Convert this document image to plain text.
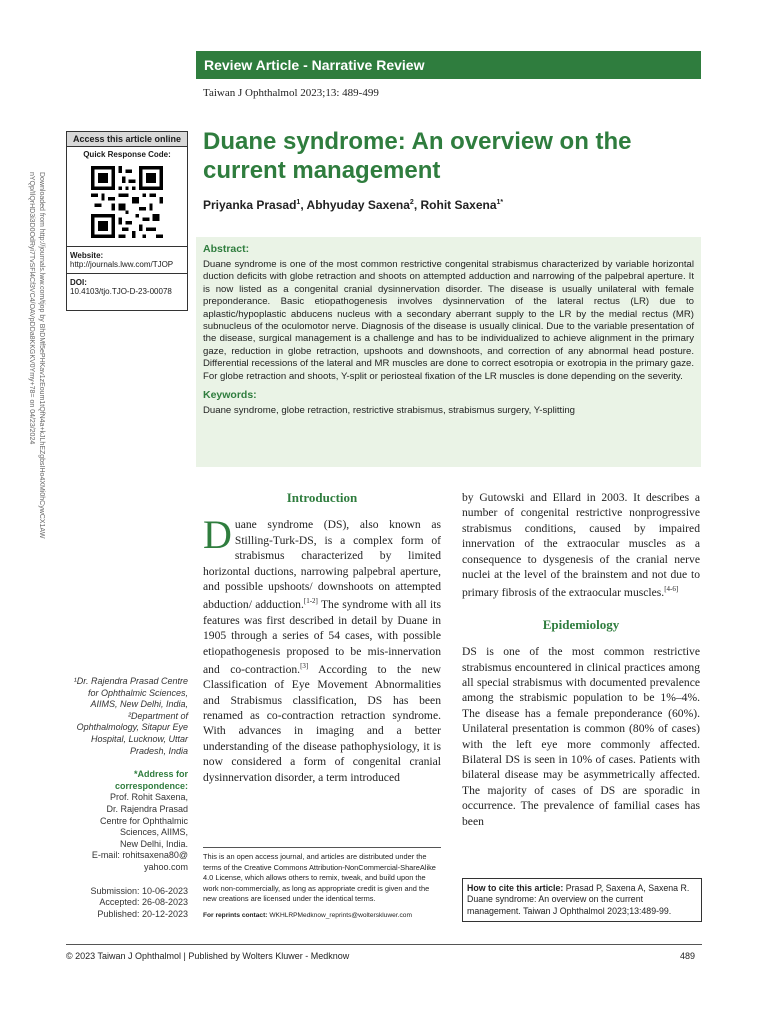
Downloaded from http://journals.lww.com/tjop by BhDMf5ePHKav1zEoum1tQfN4a+kJLhEZgbsIHo4XMi0hCywCX1AW nYQp/IlQrHD3i3D0OdRyi7TvSFl4Cf3VC4/OAVpDDa8KKGKV0Ymy+78= on 04/23/2024
Review Article - Narrative Review
Taiwan J Ophthalmol 2023;13: 489-499
Access this article online
Quick Response Code:
Website:
http://journals.lww.com/TJOP
DOI:
10.4103/tjo.TJO-D-23-00078
Duane syndrome: An overview on the current management
Priyanka Prasad$^1$, Abhyuday Saxena$^2$, Rohit Saxena$^{1*}$
Abstract:
Duane syndrome is one of the most common restrictive congenital strabismus characterized by variable horizontal duction deficits with globe retraction and shoots on attempted adduction and narrowing of the palpebral aperture. It is now listed as a congenital cranial dysinnervation disorder. The disease is usually unilateral with female preponderance. Basic etiopathogenesis involves dysinnervation of the lateral rectus (LR) due to aplastic/hypoplastic abducens nucleus with a secondary aberrant supply to the LR by the medial rectus (MR) subnucleus of the oculomotor nerve. Diagnosis of the disease is usually clinical. Due to the variable presentation of the disease, surgical management is a challenge and has to be individualized to achieve alignment in the primary gaze, reduction in globe retraction, upshoots and downshoots, and correction of any abnormal head posture. Differential recessions of the lateral and MR muscles are done to correct esotropia or exotropia in the primary gaze. For globe retraction and shoots, Y-split or periosteal fixation of the LR muscles is done depending on the severity.
Keywords:
Duane syndrome, globe retraction, restrictive strabismus, strabismus surgery, Y-splitting
Introduction

Duane syndrome (DS), also known as Stilling-Turk-DS, is a complex form of strabismus characterized by limited horizontal ductions, narrowing palpebral aperture, and possible upshoots/ downshoots on attempted abduction/ adduction.[1-2] The syndrome with all its features was first described in detail by Duane in 1905 through a series of 54 cases, with possible etiopathogenesis proposed to be mis-innervation and co-contraction.[3] According to the new Classification of Eye Movement Abnormalities and Strabismus classification, DS has been renamed as co-contraction retraction syndrome. With advances in imaging and a better understanding of the disease pathophysiology, it is now considered a form of congenital cranial dysinnervation disorder, a term introduced

by Gutowski and Ellard in 2003. It describes a number of congenital restrictive nonprogressive strabismus conditions, caused by impaired innervation of the extraocular muscles as a consequence to dysgenesis of the cranial nerve nuclei at the level of the brainstem and not due to primary fibrosis of the extraocular muscles.[4-6]

Epidemiology

DS is one of the most common restrictive strabismus encountered in clinical practices among all special strabismus with documented prevalence among the strabismic population to be 1%–4%. The disease has a female preponderance (60%). Unilateral presentation is common (80% of cases) with the left eye more commonly affected. Bilateral DS is seen in 10% of cases. Patients with bilateral disease may be asymmetrically affected. The majority of cases of DS are sporadic in occurrence. The prevalence of familial cases has been

¹Dr. Rajendra Prasad Centre for Ophthalmic Sciences, AIIMS, New Delhi, India, ²Department of Ophthalmology, Sitapur Eye Hospital, Lucknow, Uttar Pradesh, India
*Address for correspondence:
Prof. Rohit Saxena,
Dr. Rajendra Prasad
Centre for Ophthalmic
Sciences, AIIMS,
New Delhi, India.
E-mail: rohitsaxena80@
yahoo.com
Submission: 10-06-2023
Accepted: 26-08-2023
Published: 20-12-2023
This is an open access journal, and articles are distributed under the terms of the Creative Commons Attribution-NonCommercial-ShareAlike 4.0 License, which allows others to remix, tweak, and build upon the work non-commercially, as long as appropriate credit is given and the new creations are licensed under the identical terms.
For reprints contact: WKHLRPMedknow_reprints@wolterskluwer.com
How to cite this article: Prasad P, Saxena A, Saxena R. Duane syndrome: An overview on the current management. Taiwan J Ophthalmol 2023;13:489-99.
© 2023 Taiwan J Ophthalmol | Published by Wolters Kluwer - Medknow	489
